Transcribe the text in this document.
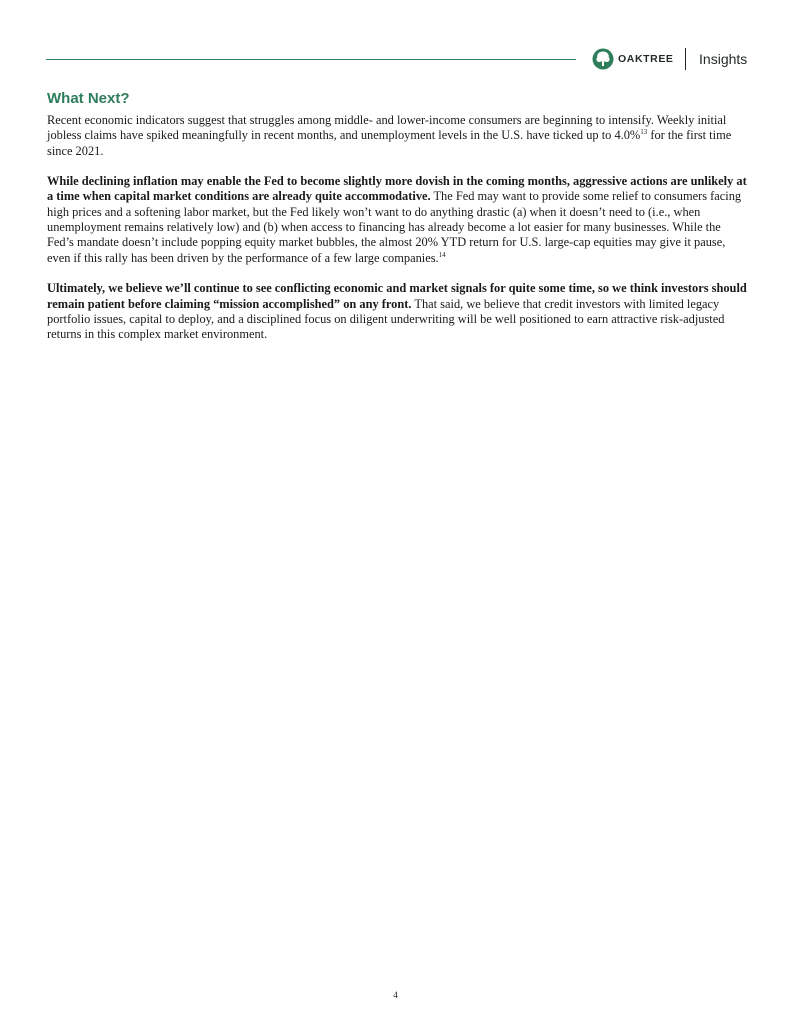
OAKTREE Insights
What Next?

Recent economic indicators suggest that struggles among middle- and lower-income consumers are beginning to intensify. Weekly initial jobless claims have spiked meaningfully in recent months, and unemployment levels in the U.S. have ticked up to 4.0%$^{13}$ for the first time since 2021.

While declining inflation may enable the Fed to become slightly more dovish in the coming months, aggressive actions are unlikely at a time when capital market conditions are already quite accommodative. The Fed may want to provide some relief to consumers facing high prices and a softening labor market, but the Fed likely won’t want to do anything drastic (a) when it doesn’t need to (i.e., when unemployment remains relatively low) and (b) when access to financing has already become a lot easier for many businesses. While the Fed’s mandate doesn’t include popping equity market bubbles, the almost 20% YTD return for U.S. large-cap equities may give it pause, even if this rally has been driven by the performance of a few large companies.$^{14}$

Ultimately, we believe we’ll continue to see conflicting economic and market signals for quite some time, so we think investors should remain patient before claiming “mission accomplished” on any front. That said, we believe that credit investors with limited legacy portfolio issues, capital to deploy, and a disciplined focus on diligent underwriting will be well positioned to earn attractive risk-adjusted returns in this complex market environment.

4
